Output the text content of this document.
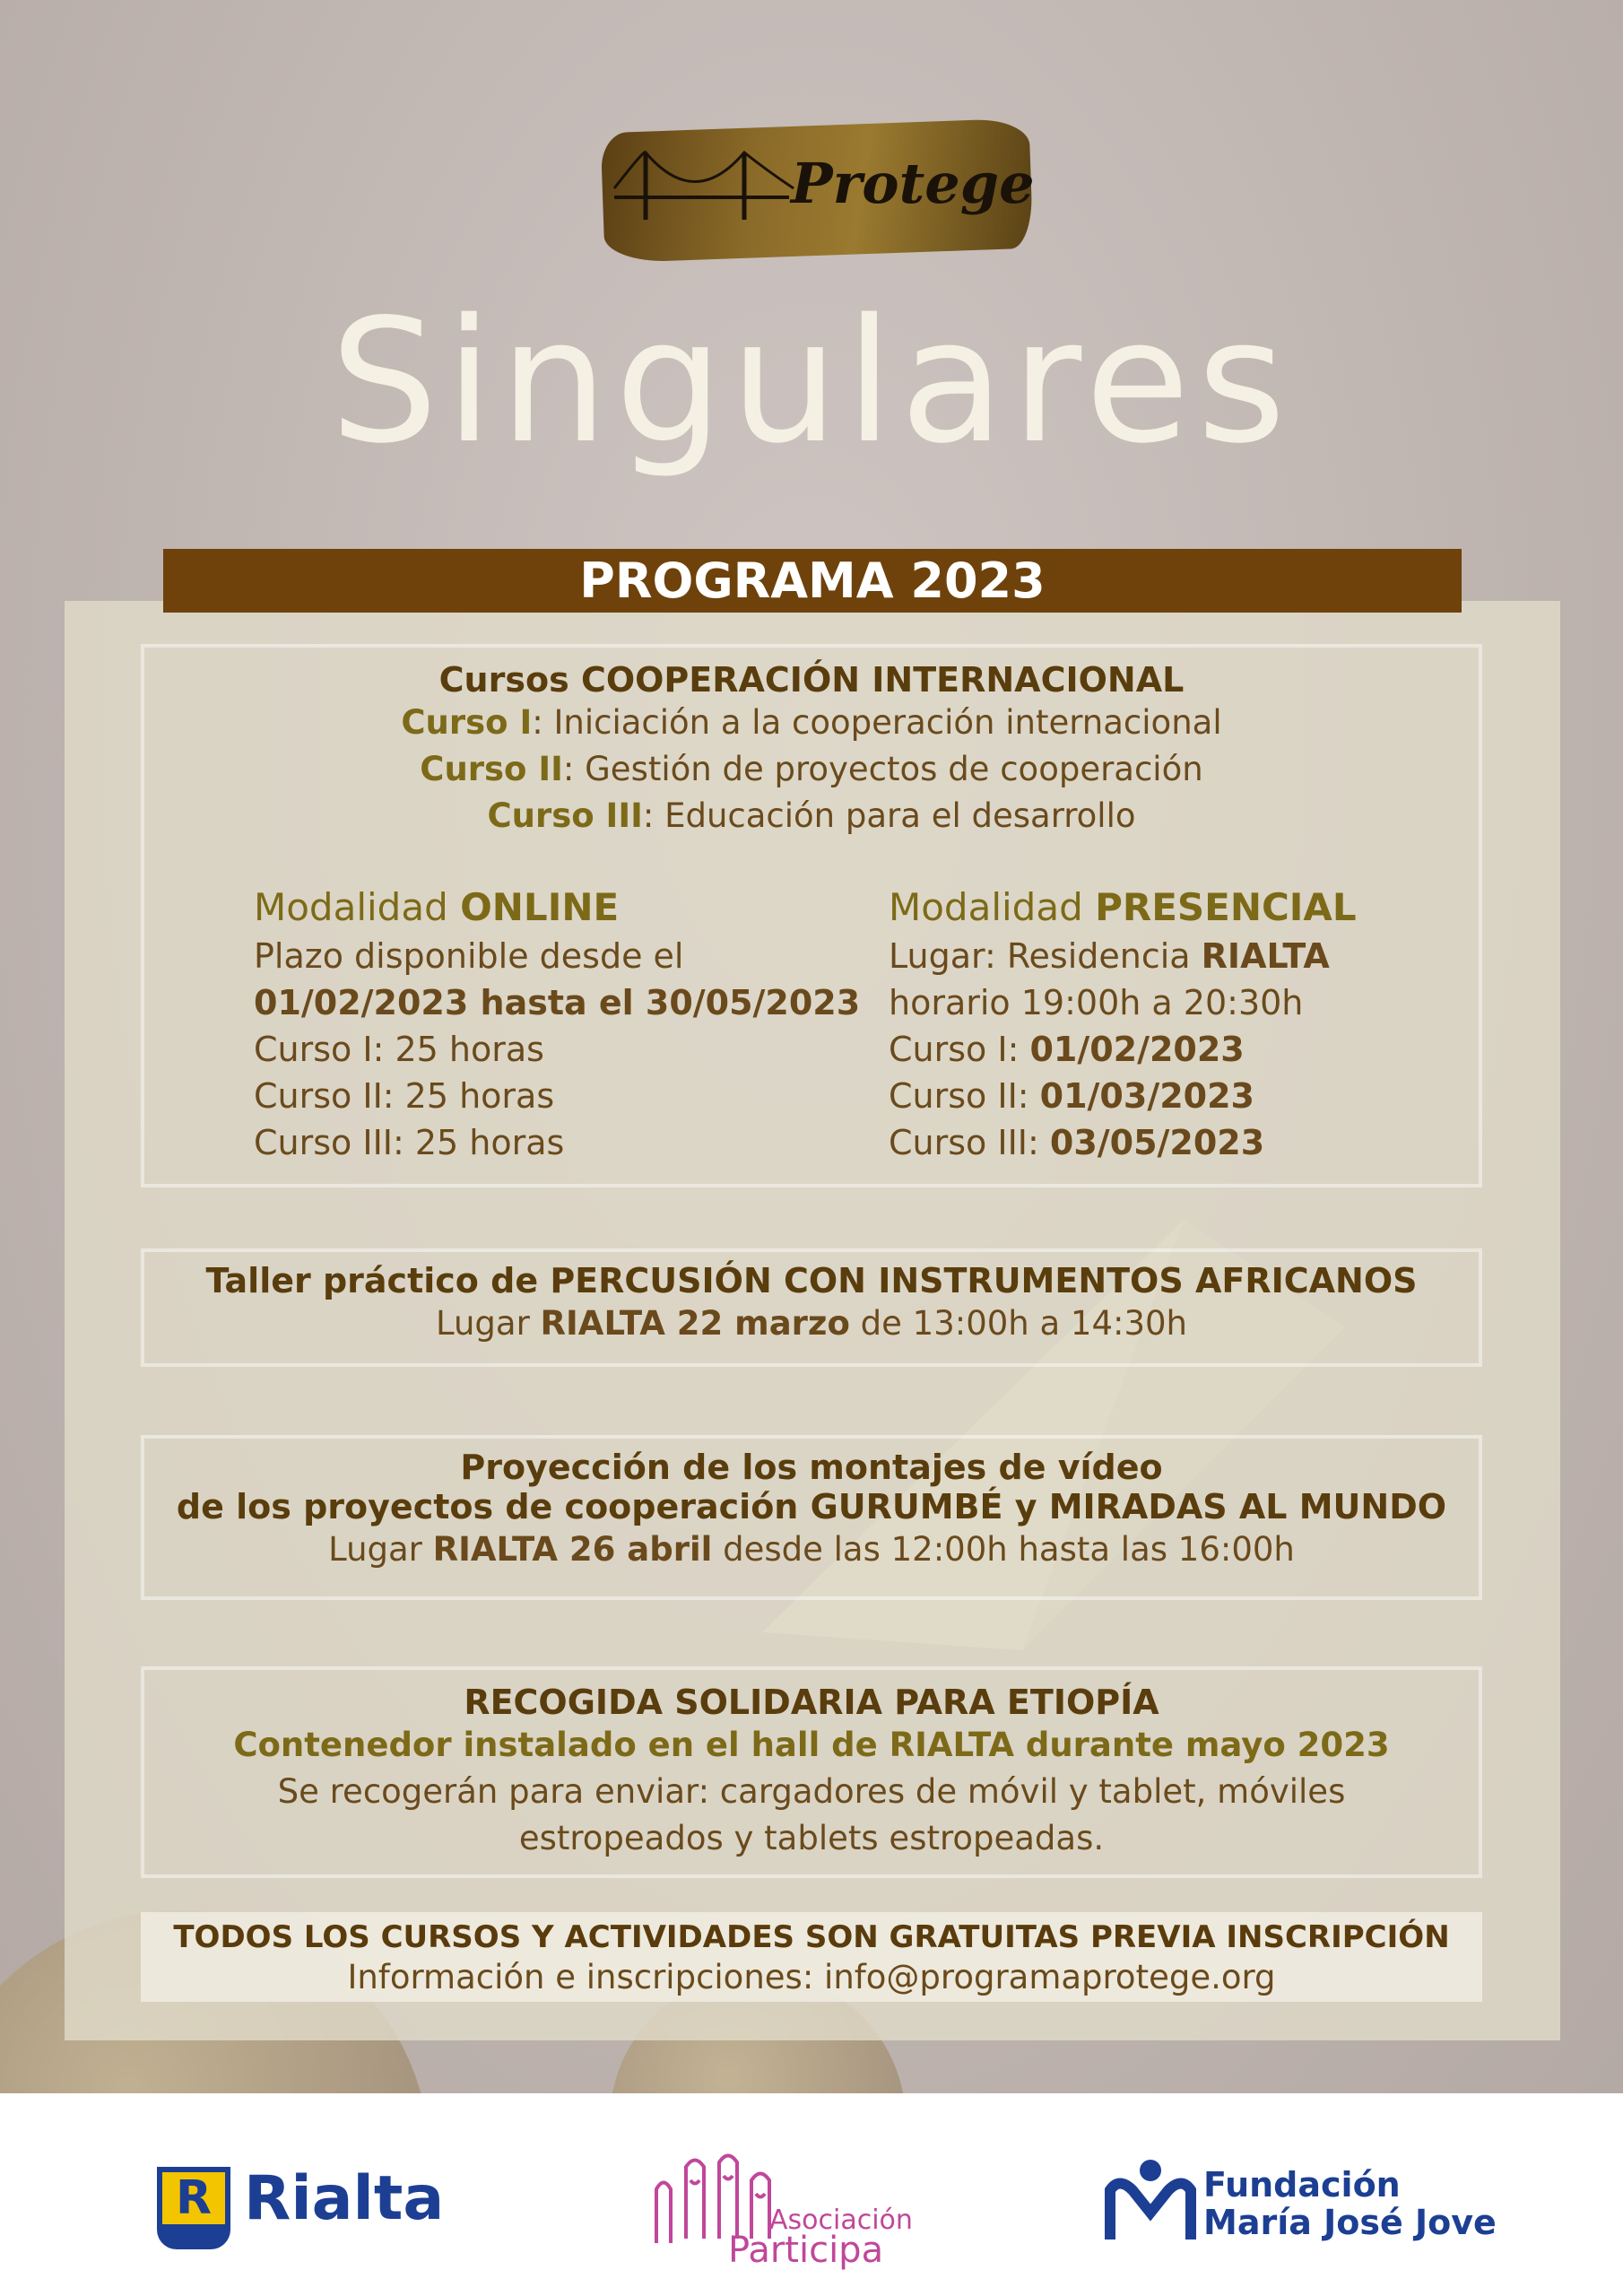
Protege
Singulares
PROGRAMA 2023
Cursos COOPERACIÓN INTERNACIONAL
Curso I: Iniciación a la cooperación internacional
Curso II: Gestión de proyectos de cooperación
Curso III: Educación para el desarrollo
Modalidad ONLINE
Plazo disponible desde el
01/02/2023 hasta el 30/05/2023
Curso I: 25 horas
Curso II: 25 horas
Curso III: 25 horas
Modalidad PRESENCIAL
Lugar: Residencia RIALTA
horario 19:00h a 20:30h
Curso I: 01/02/2023
Curso II: 01/03/2023
Curso III: 03/05/2023
Taller práctico de PERCUSIÓN CON INSTRUMENTOS AFRICANOS
Lugar RIALTA 22 marzo de 13:00h a 14:30h
Proyección de los montajes de vídeo
de los proyectos de cooperación GURUMBÉ y MIRADAS AL MUNDO
Lugar RIALTA 26 abril desde las 12:00h hasta las 16:00h
RECOGIDA SOLIDARIA PARA ETIOPÍA
Contenedor instalado en el hall de RIALTA durante mayo 2023
Se recogerán para enviar: cargadores de móvil y tablet, móviles
estropeados y tablets estropeadas.
TODOS LOS CURSOS Y ACTIVIDADES SON GRATUITAS PREVIA INSCRIPCIÓN
Información e inscripciones: info@programaprotege.org
R Rialta	Asociación
Participa
Fundación
María José Jove
